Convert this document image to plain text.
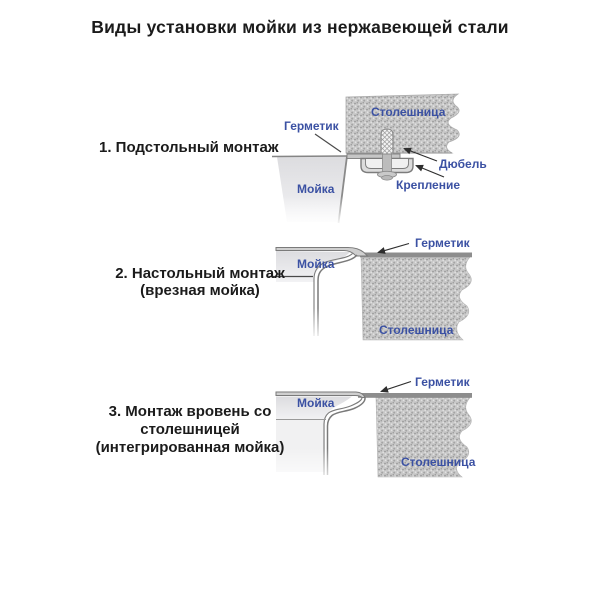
Виды установки мойки из нержавеющей стали
1. Подстольный монтаж
2. Настольный монтаж
(врезная мойка)
3. Монтаж вровень со
столешницей
(интегрированная мойка)
Столешница
Герметик
Мойка
Дюбель
Крепление
Мойка
Герметик
Столешница
Мойка
Герметик
Столешница
